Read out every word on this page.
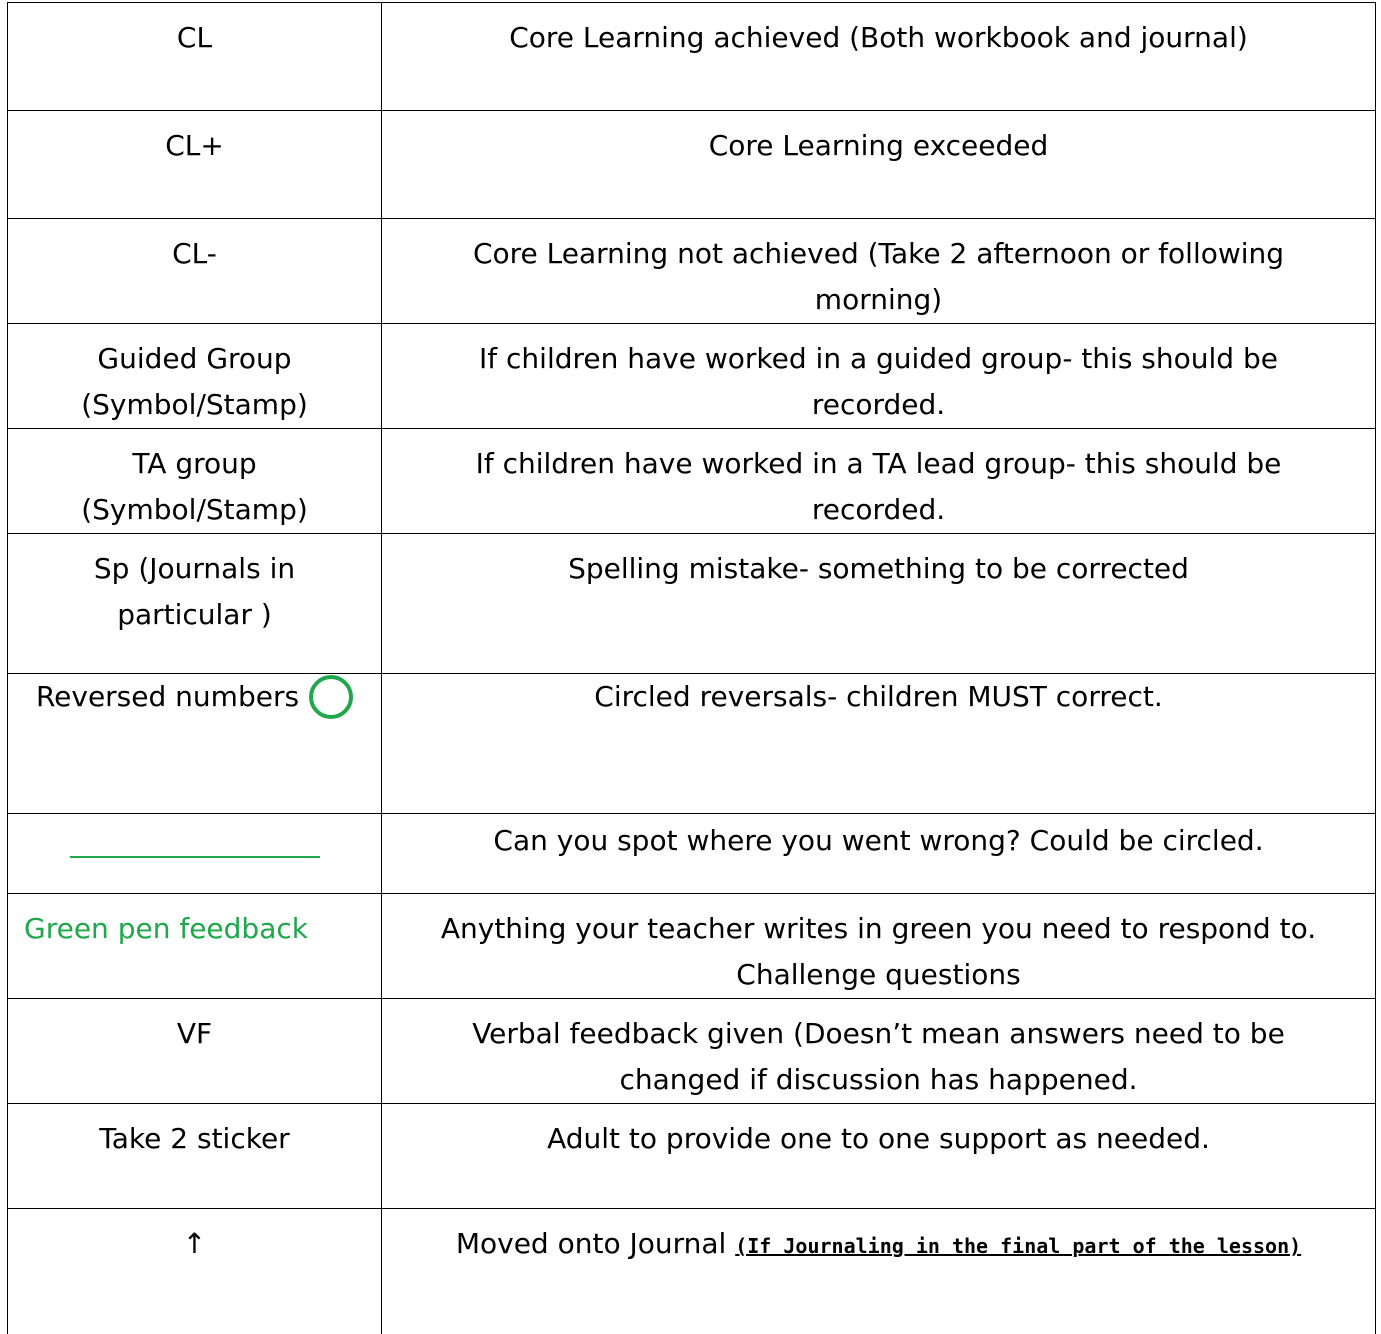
CL	Core Learning achieved (Both workbook and journal)

CL+	Core Learning exceeded

CL-	Core Learning not achieved (Take 2 afternoon or following morning)

Guided Group (Symbol/Stamp)	If children have worked in a guided group- this should be recorded.

TA group (Symbol/Stamp)	If children have worked in a TA lead group- this should be recorded.

Sp (Journals in particular )	Spelling mistake- something to be corrected

Reversed numbers	Circled reversals- children MUST correct.

	Can you spot where you went wrong? Could be circled.

Green pen feedback	Anything your teacher writes in green you need to respond to. Challenge questions

VF	Verbal feedback given (Doesn’t mean answers need to be changed if discussion has happened.

Take 2 sticker	Adult to provide one to one support as needed.

↑	Moved onto Journal (If Journaling in the final part of the lesson)
